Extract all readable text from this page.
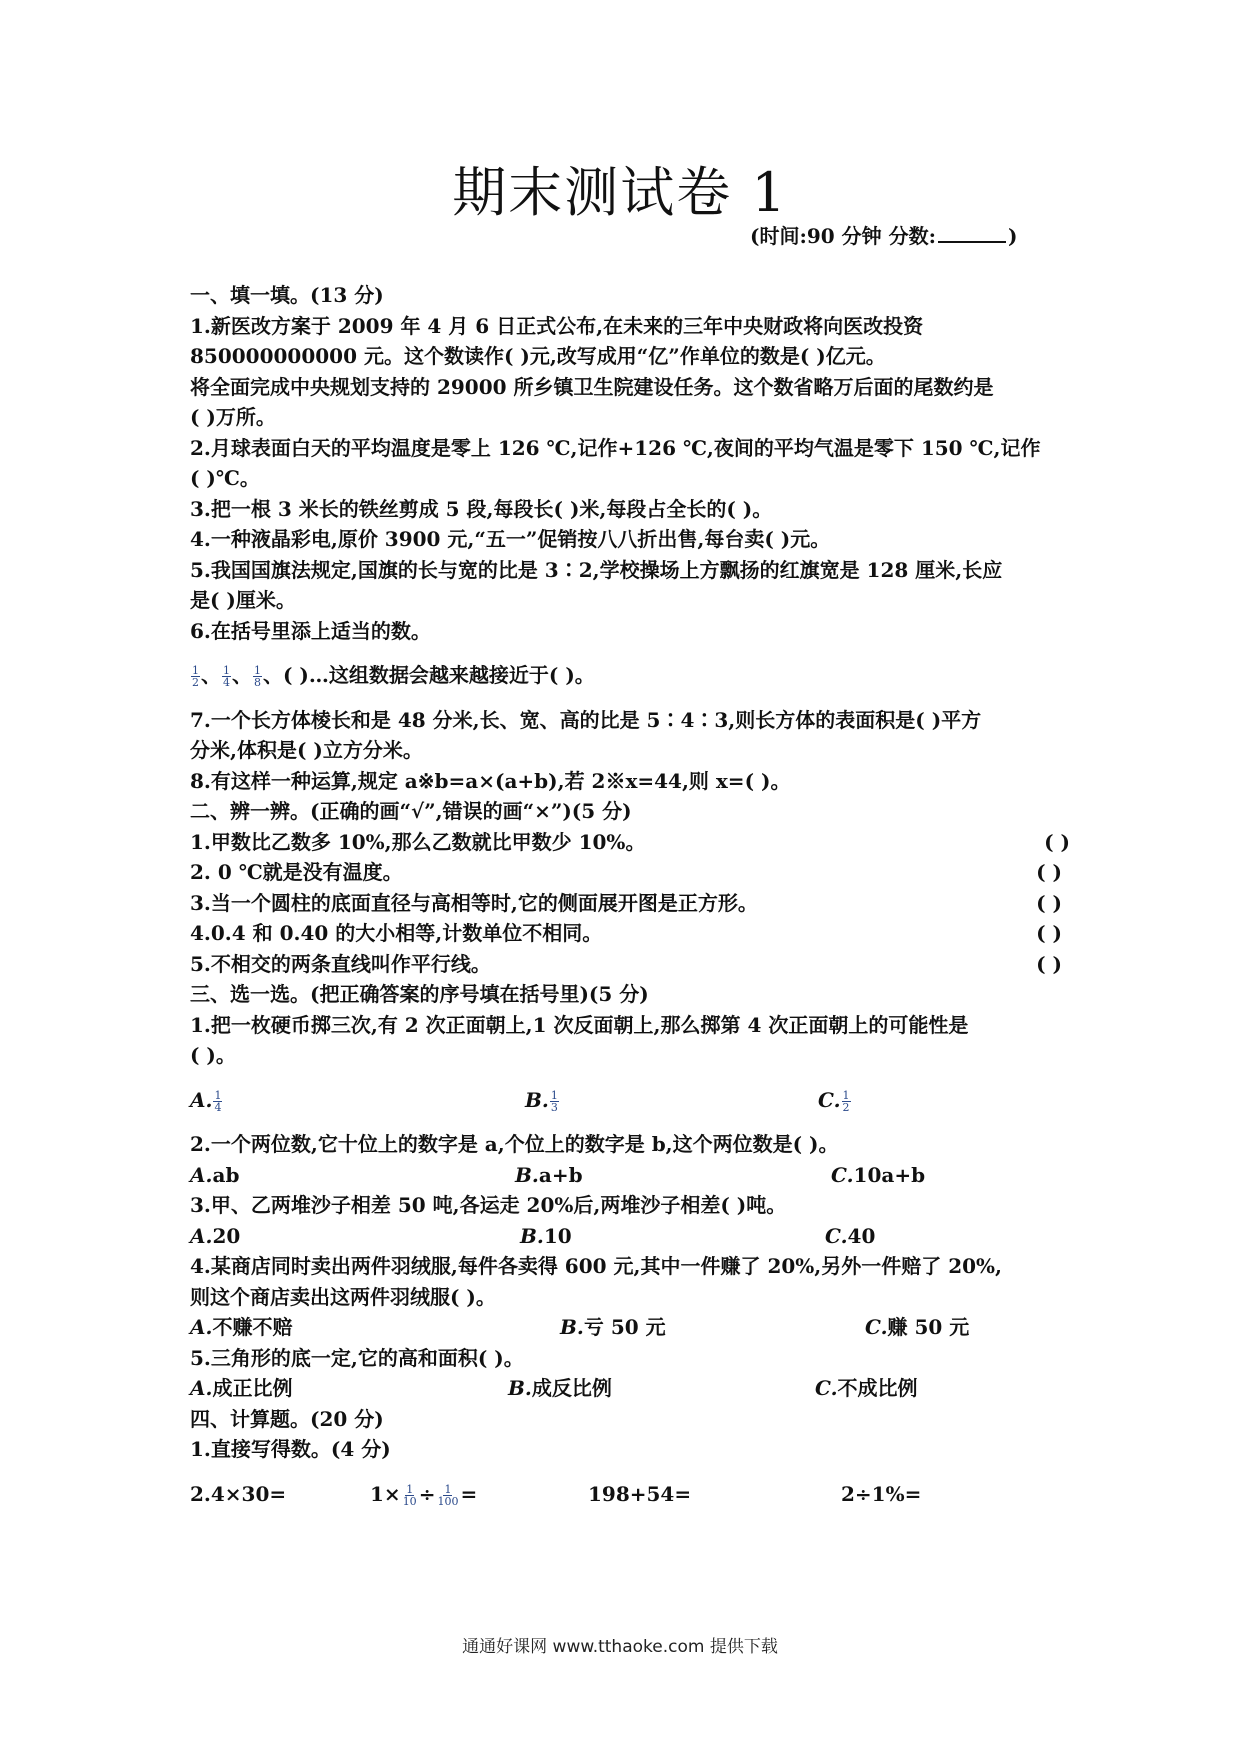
期末测试卷 1
(时间:90 分钟 分数:	)
一、填一填。(13 分)
1.新医改方案于 2009 年 4 月 6 日正式公布,在未来的三年中央财政将向医改投资
850000000000 元。这个数读作( )元,改写成用“亿”作单位的数是( )亿元。
将全面完成中央规划支持的 29000 所乡镇卫生院建设任务。这个数省略万后面的尾数约是
( )万所。
2.月球表面白天的平均温度是零上 126 ℃,记作+126 ℃,夜间的平均气温是零下 150 ℃,记作
( )℃。
3.把一根 3 米长的铁丝剪成 5 段,每段长( )米,每段占全长的( )。
4.一种液晶彩电,原价 3900 元,“五一”促销按八八折出售,每台卖( )元。
5.我国国旗法规定,国旗的长与宽的比是 3∶2,学校操场上方飘扬的红旗宽是 128 厘米,长应
是( )厘米。
6.在括号里添上适当的数。
$\frac{1}{2}$ 、 $\frac{1}{4}$ 、 $\frac{1}{8}$ 、( )…这组数据会越来越接近于( )。
7.一个长方体棱长和是 48 分米,长、宽、高的比是 5∶4∶3,则长方体的表面积是( )平方
分米,体积是( )立方分米。
8.有这样一种运算,规定 a※b=a×(a+b),若 2※x=44,则 x=( )。
二、辨一辨。(正确的画“√”,错误的画“×”)(5 分)
1.甲数比乙数多 10%,那么乙数就比甲数少 10%。	( )
2. 0 ℃就是没有温度。	( )
3.当一个圆柱的底面直径与高相等时,它的侧面展开图是正方形。	( )
4.0.4 和 0.40 的大小相等,计数单位不相同。	( )
5.不相交的两条直线叫作平行线。	( )
三、选一选。(把正确答案的序号填在括号里)(5 分)
1.把一枚硬币掷三次,有 2 次正面朝上,1 次反面朝上,那么掷第 4 次正面朝上的可能性是
( )。
A. $\frac{1}{4}$	B. $\frac{1}{3}$	C. $\frac{1}{2}$
2.一个两位数,它十位上的数字是 a,个位上的数字是 b,这个两位数是( )。
A.ab	B.a+b	C.10a+b
3.甲、乙两堆沙子相差 50 吨,各运走 20%后,两堆沙子相差( )吨。
A.20	B.10	C.40
4.某商店同时卖出两件羽绒服,每件各卖得 600 元,其中一件赚了 20%,另外一件赔了 20%,
则这个商店卖出这两件羽绒服( )。
A.不赚不赔	B.亏 50 元	C.赚 50 元
5.三角形的底一定,它的高和面积( )。
A.成正比例	B.成反比例	C.不成比例
四、计算题。(20 分)
1.直接写得数。(4 分)
2.4×30=	$1\times \frac{1}{10} \div \frac{1}{100}$ =	198+54=	2÷1%=
通通好课网 www.tthaoke.com 提供下载
